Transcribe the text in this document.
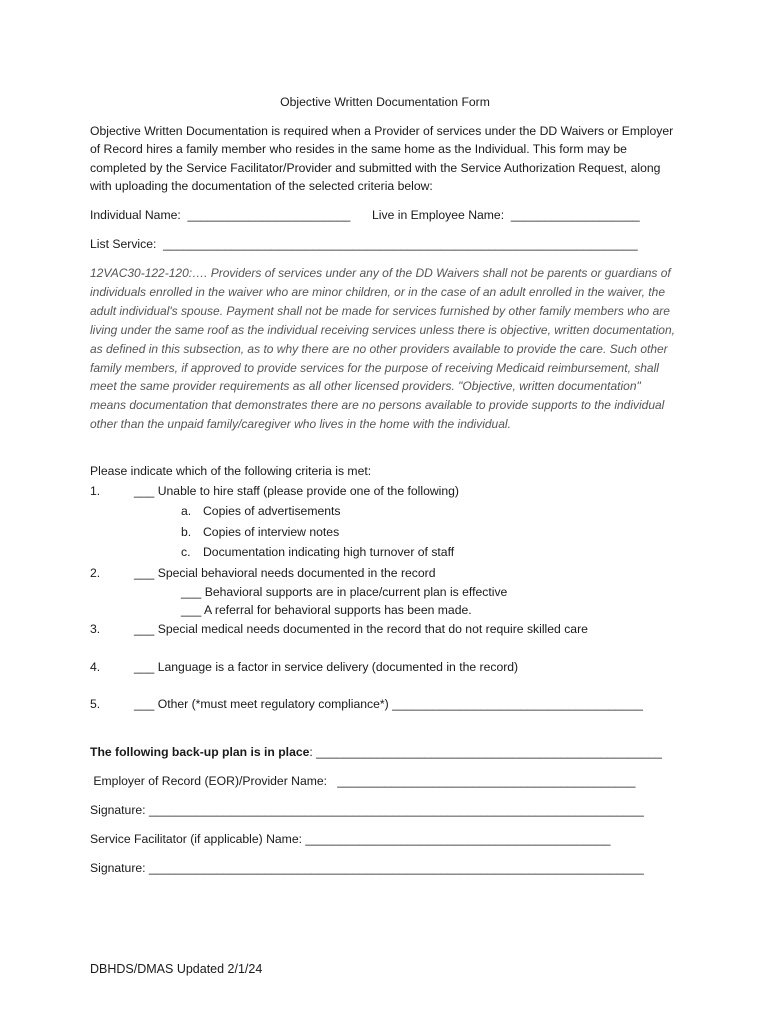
Objective Written Documentation Form
Objective Written Documentation is required when a Provider of services under the DD Waivers or Employer of Record hires a family member who resides in the same home as the Individual. This form may be completed by the Service Facilitator/Provider and submitted with the Service Authorization Request, along with uploading the documentation of the selected criteria below:
Individual Name:  ________________________ Live in Employee Name:  ___________________
List Service:  ______________________________________________________________________
12VAC30-122-120:…. Providers of services under any of the DD Waivers shall not be parents or guardians of individuals enrolled in the waiver who are minor children, or in the case of an adult enrolled in the waiver, the adult individual's spouse. Payment shall not be made for services furnished by other family members who are living under the same roof as the individual receiving services unless there is objective, written documentation, as defined in this subsection, as to why there are no other providers available to provide the care. Such other family members, if approved to provide services for the purpose of receiving Medicaid reimbursement, shall meet the same provider requirements as all other licensed providers. "Objective, written documentation" means documentation that demonstrates there are no persons available to provide supports to the individual other than the unpaid family/caregiver who lives in the home with the individual.
Please indicate which of the following criteria is met:
1.	___ Unable to hire staff (please provide one of the following)
a. Copies of advertisements
b. Copies of interview notes
c. Documentation indicating high turnover of staff
2.	___ Special behavioral needs documented in the record
___ Behavioral supports are in place/current plan is effective
___ A referral for behavioral supports has been made.
3.	___ Special medical needs documented in the record that do not require skilled care
4.	___ Language is a factor in service delivery (documented in the record)
5.	___ Other (*must meet regulatory compliance*) _____________________________________
The following back-up plan is in place: ___________________________________________________
Employer of Record (EOR)/Provider Name:   ____________________________________________
Signature: _________________________________________________________________________
Service Facilitator (if applicable) Name: _____________________________________________
Signature: _________________________________________________________________________
DBHDS/DMAS Updated 2/1/24
